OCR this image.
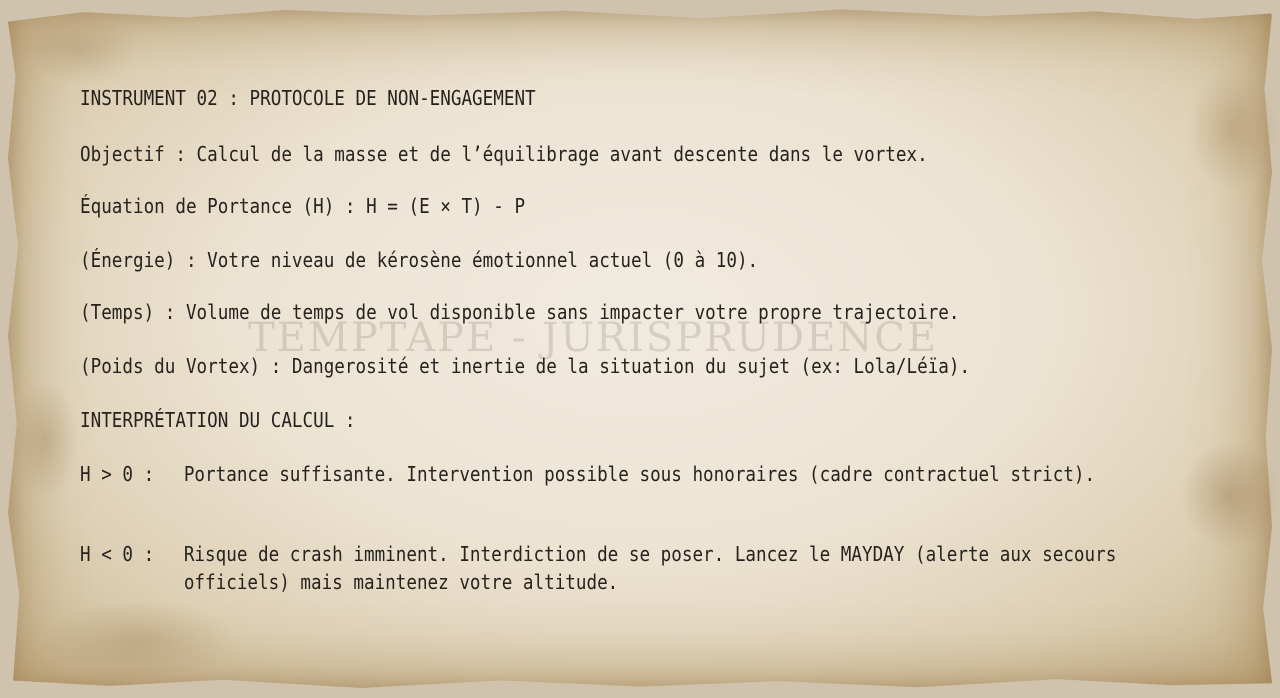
TEMPTAPE - JURISPRUDENCE
INSTRUMENT 02 : PROTOCOLE DE NON-ENGAGEMENT
Objectif : Calcul de la masse et de l’équilibrage avant descente dans le vortex.
Équation de Portance (H) : H = (E × T) - P
(Énergie) : Votre niveau de kérosène émotionnel actuel (0 à 10).
(Temps) : Volume de temps de vol disponible sans impacter votre propre trajectoire.
(Poids du Vortex) : Dangerosité et inertie de la situation du sujet (ex: Lola/Léïa).
INTERPRÉTATION DU CALCUL :
H > 0 : Portance suffisante. Intervention possible sous honoraires (cadre contractuel strict).
H < 0 : Risque de crash imminent. Interdiction de se poser. Lancez le MAYDAY (alerte aux secours officiels) mais maintenez votre altitude.
